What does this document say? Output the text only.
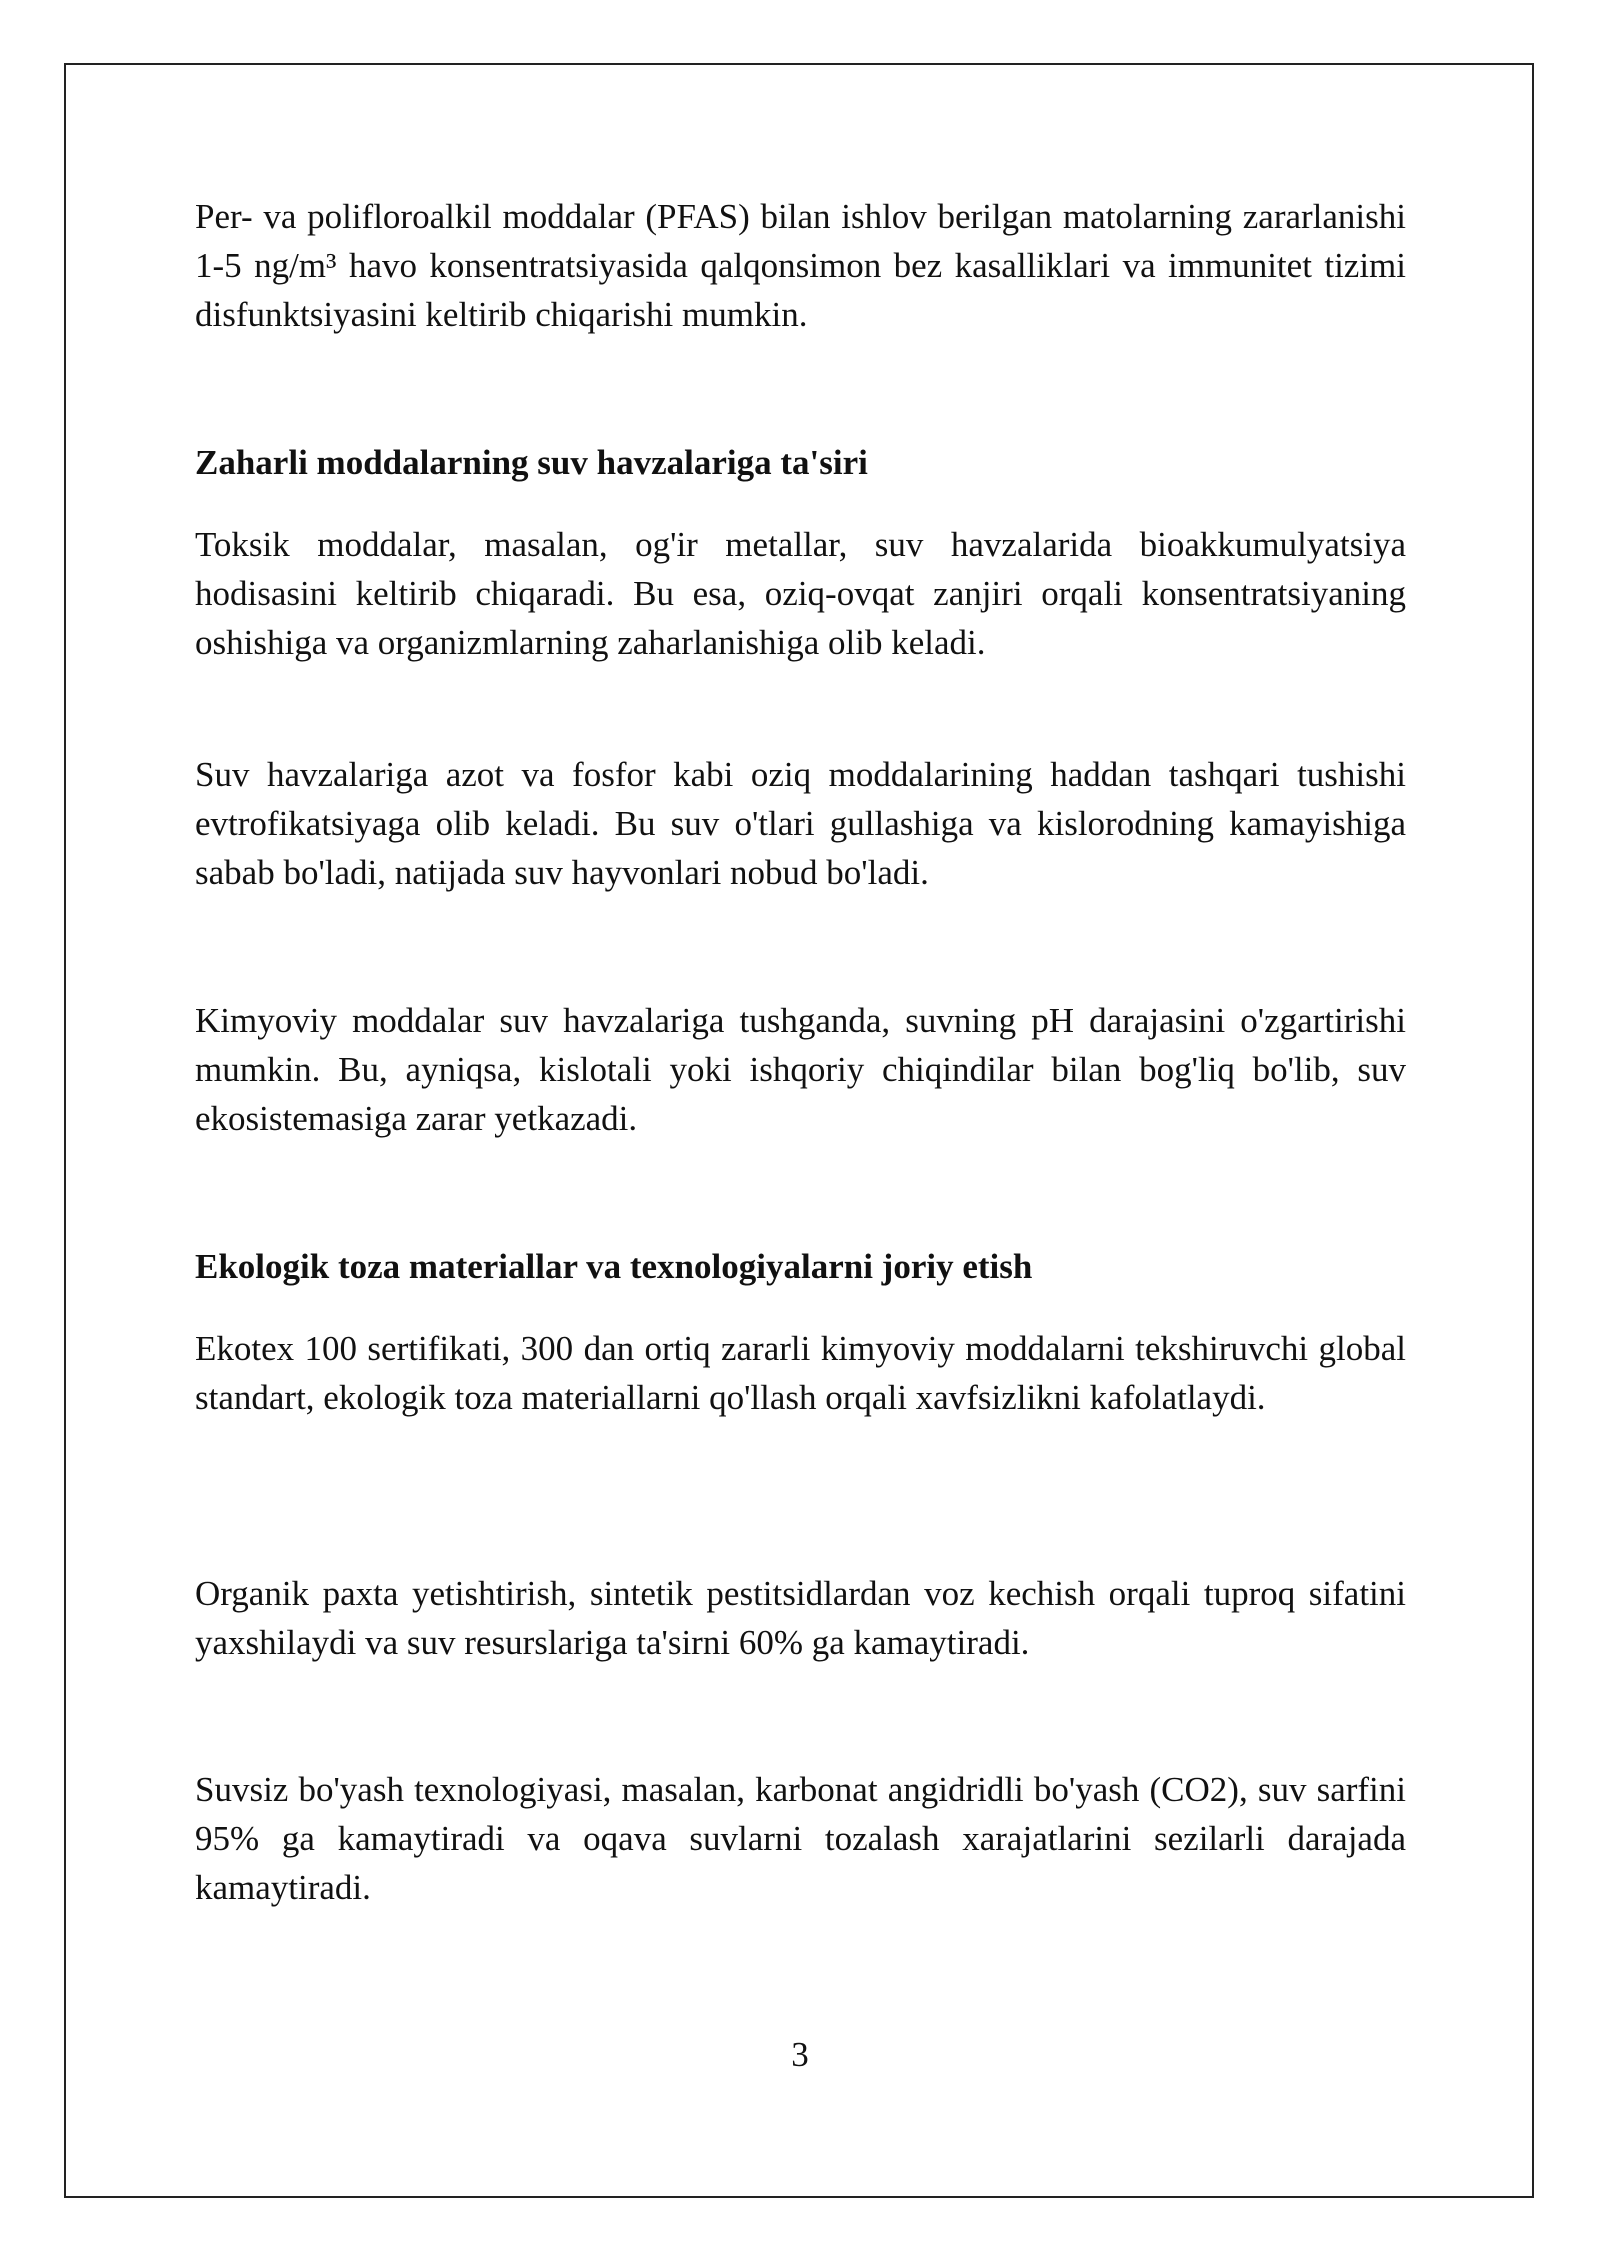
Per- va polifloroalkil moddalar (PFAS) bilan ishlov berilgan matolarning zararlanishi 1-5 ng/m³ havo konsentratsiyasida qalqonsimon bez kasalliklari va immunitet tizimi disfunktsiyasini keltirib chiqarishi mumkin.

Zaharli moddalarning suv havzalariga ta'siri

Toksik moddalar, masalan, og'ir metallar, suv havzalarida bioakkumulyatsiya hodisasini keltirib chiqaradi. Bu esa, oziq-ovqat zanjiri orqali konsentratsiyaning oshishiga va organizmlarning zaharlanishiga olib keladi.

Suv havzalariga azot va fosfor kabi oziq moddalarining haddan tashqari tushishi evtrofikatsiyaga olib keladi. Bu suv o'tlari gullashiga va kislorodning kamayishiga sabab bo'ladi, natijada suv hayvonlari nobud bo'ladi.

Kimyoviy moddalar suv havzalariga tushganda, suvning pH darajasini o'zgartirishi mumkin. Bu, ayniqsa, kislotali yoki ishqoriy chiqindilar bilan bog'liq bo'lib, suv ekosistemasiga zarar yetkazadi.

Ekologik toza materiallar va texnologiyalarni joriy etish

Ekotex 100 sertifikati, 300 dan ortiq zararli kimyoviy moddalarni tekshiruvchi global standart, ekologik toza materiallarni qo'llash orqali xavfsizlikni kafolatlaydi.

Organik paxta yetishtirish, sintetik pestitsidlardan voz kechish orqali tuproq sifatini yaxshilaydi va suv resurslariga ta'sirni 60% ga kamaytiradi.

Suvsiz bo'yash texnologiyasi, masalan, karbonat angidridli bo'yash (CO2), suv sarfini 95% ga kamaytiradi va oqava suvlarni tozalash xarajatlarini sezilarli darajada kamaytiradi.

3
